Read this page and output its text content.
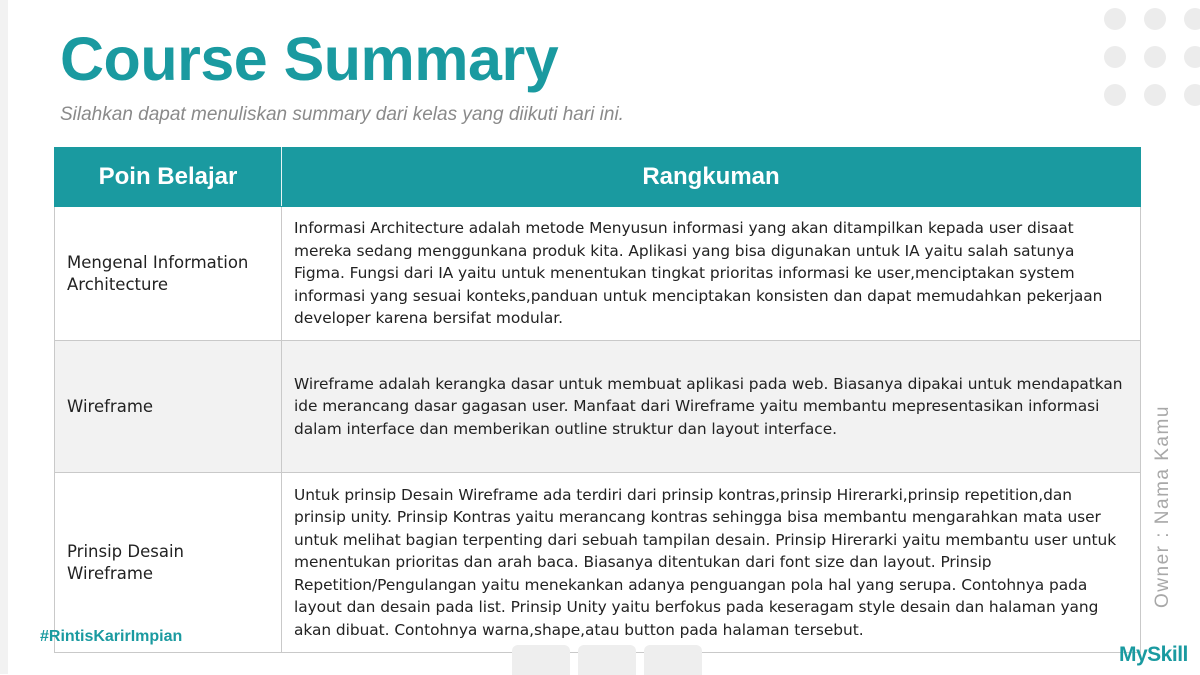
Course Summary
Silahkan dapat menuliskan summary dari kelas yang diikuti hari ini.
Poin Belajar	Rangkuman
Mengenal Information Architecture	Informasi Architecture adalah metode Menyusun informasi yang akan ditampilkan kepada user disaat mereka sedang menggunkana produk kita. Aplikasi yang bisa digunakan untuk IA yaitu salah satunya Figma. Fungsi dari IA yaitu untuk menentukan tingkat prioritas informasi ke user,menciptakan system informasi yang sesuai konteks,panduan untuk menciptakan konsisten dan dapat memudahkan pekerjaan developer karena bersifat modular.
Wireframe	Wireframe adalah kerangka dasar untuk membuat aplikasi pada web. Biasanya dipakai untuk mendapatkan ide merancang dasar gagasan user. Manfaat dari Wireframe yaitu membantu mepresentasikan informasi dalam interface dan memberikan outline struktur dan layout interface.
Prinsip Desain Wireframe	Untuk prinsip Desain Wireframe ada terdiri dari prinsip kontras,prinsip Hirerarki,prinsip repetition,dan prinsip unity. Prinsip Kontras yaitu merancang kontras sehingga bisa membantu mengarahkan mata user untuk melihat bagian terpenting dari sebuah tampilan desain. Prinsip Hirerarki yaitu membantu user untuk menentukan prioritas dan arah baca. Biasanya ditentukan dari font size dan layout. Prinsip Repetition/Pengulangan yaitu menekankan adanya penguangan pola hal yang serupa. Contohnya pada layout dan desain pada list. Prinsip Unity yaitu berfokus pada keseragam style desain dan halaman yang akan dibuat. Contohnya warna,shape,atau button pada halaman tersebut.
#RintisKarirImpian
Owner : Nama Kamu
MySkill
